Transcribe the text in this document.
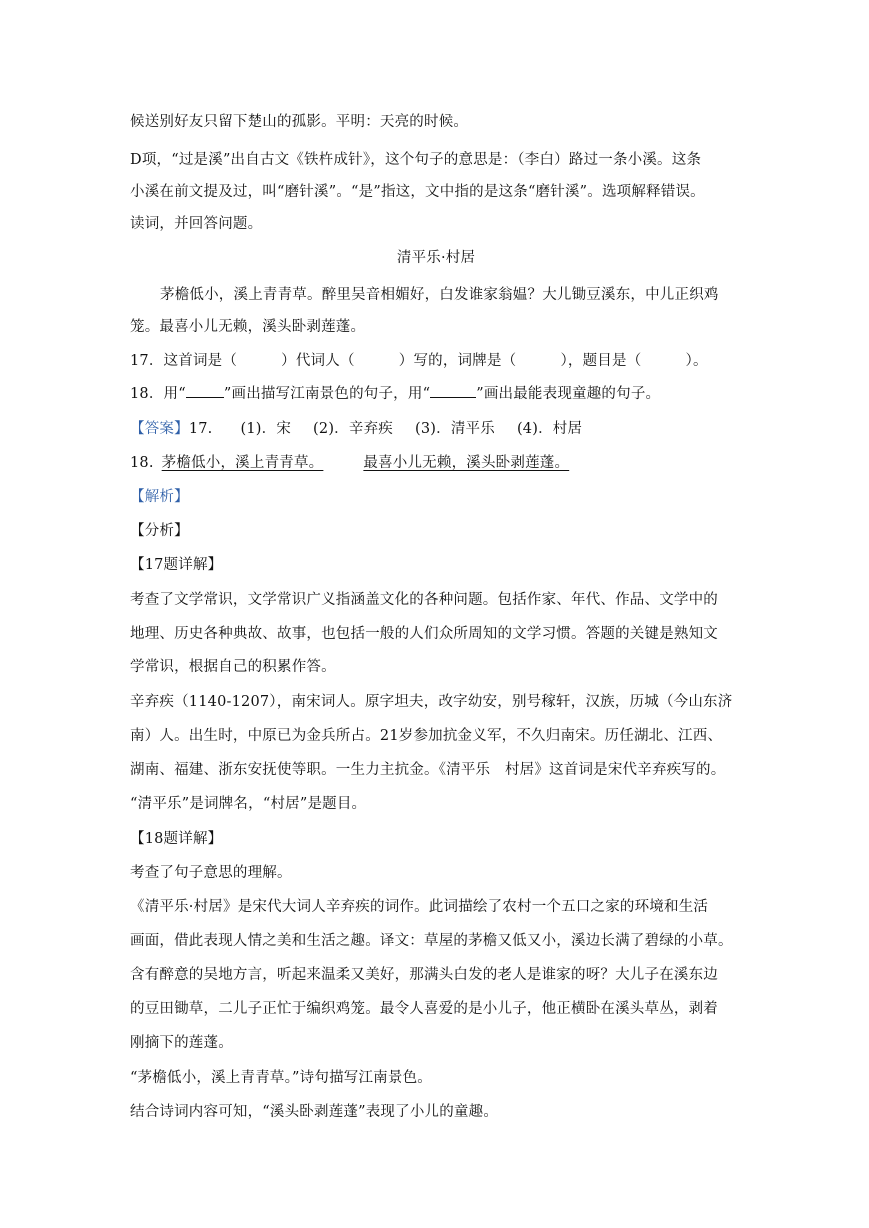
候送别好友只留下楚山的孤影。平明：天亮的时候。
D项，“过是溪”出自古文《铁杵成针》，这个句子的意思是：（李白）路过一条小溪。这条
小溪在前文提及过，叫“磨针溪”。“是”指这，文中指的是这条“磨针溪”。选项解释错误。
读词，并回答问题。
清平乐·村居
茅檐低小，溪上青青草。醉里吴音相媚好，白发谁家翁媪？大儿锄豆溪东，中儿正织鸡
笼。最喜小儿无赖，溪头卧剥莲蓬。
17．这首词是（　　　）代词人（　　　）写的，词牌是（　　　），题目是（　　　）。
18．用“	”画出描写江南景色的句子，用“	”画出最能表现童趣的句子。
【答案】17. (1)．宋 (2)．辛弃疾 (3)．清平乐 (4)．村居
18. 茅檐低小，溪上青青草。	最喜小儿无赖，溪头卧剥莲蓬。
【解析】
【分析】
【17题详解】
考查了文学常识，文学常识广义指涵盖文化的各种问题。包括作家、年代、作品、文学中的
地理、历史各种典故、故事，也包括一般的人们众所周知的文学习惯。答题的关键是熟知文
学常识，根据自己的积累作答。
辛弃疾（1140-1207），南宋词人。原字坦夫，改字幼安，别号稼轩，汉族，历城（今山东济
南）人。出生时，中原已为金兵所占。21岁参加抗金义军，不久归南宋。历任湖北、江西、
湖南、福建、浙东安抚使等职。一生力主抗金。《清平乐　村居》这首词是宋代辛弃疾写的。
“清平乐”是词牌名，“村居”是题目。
【18题详解】
考查了句子意思的理解。
《清平乐·村居》是宋代大词人辛弃疾的词作。此词描绘了农村一个五口之家的环境和生活
画面，借此表现人情之美和生活之趣。译文：草屋的茅檐又低又小，溪边长满了碧绿的小草。
含有醉意的吴地方言，听起来温柔又美好，那满头白发的老人是谁家的呀？大儿子在溪东边
的豆田锄草，二儿子正忙于编织鸡笼。最令人喜爱的是小儿子，他正横卧在溪头草丛，剥着
刚摘下的莲蓬。
“茅檐低小，溪上青青草。”诗句描写江南景色。
结合诗词内容可知，“溪头卧剥莲蓬”表现了小儿的童趣。
